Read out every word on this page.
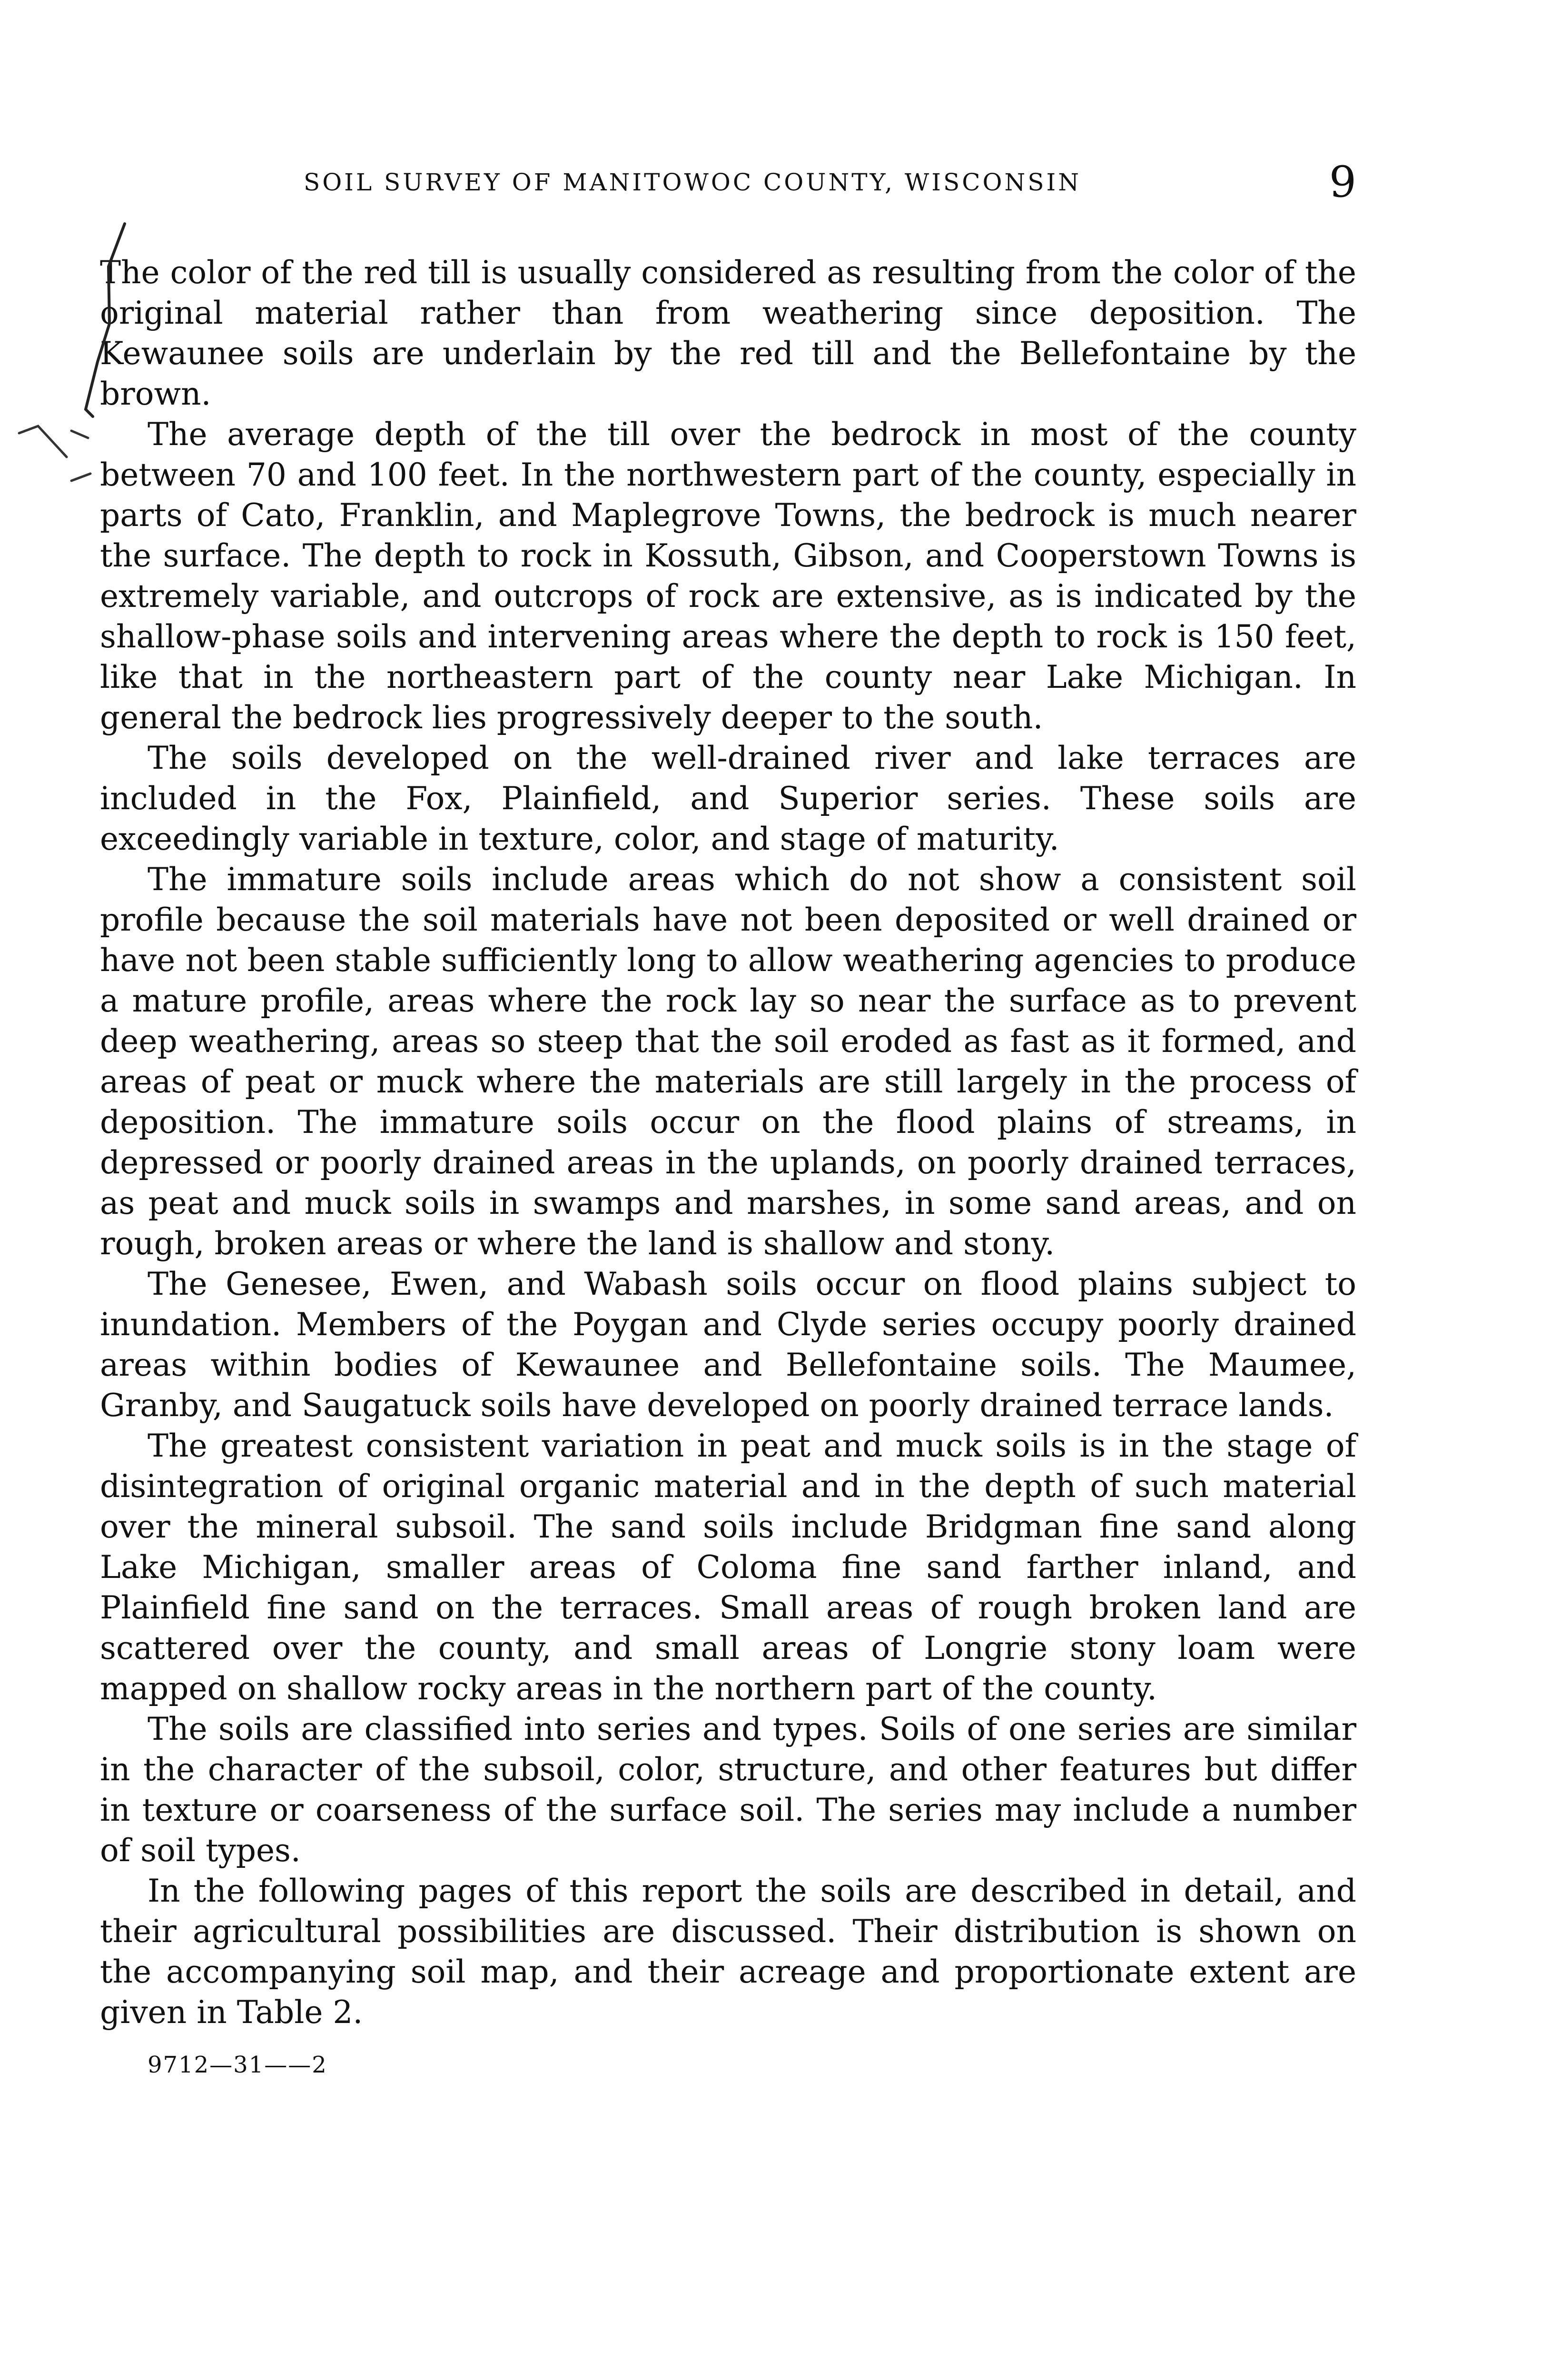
SOIL SURVEY OF MANITOWOC COUNTY, WISCONSIN	9

The color of the red till is usually considered as resulting from the color of the original material rather than from weathering since deposition. The Kewaunee soils are underlain by the red till and the Bellefontaine by the brown.

The average depth of the till over the bedrock in most of the county between 70 and 100 feet. In the northwestern part of the county, especially in parts of Cato, Franklin, and Maplegrove Towns, the bedrock is much nearer the surface. The depth to rock in Kossuth, Gibson, and Cooperstown Towns is extremely variable, and outcrops of rock are extensive, as is indicated by the shallow-phase soils and intervening areas where the depth to rock is 150 feet, like that in the northeastern part of the county near Lake Michigan. In general the bedrock lies progressively deeper to the south.

The soils developed on the well-drained river and lake terraces are included in the Fox, Plainfield, and Superior series. These soils are exceedingly variable in texture, color, and stage of maturity.

The immature soils include areas which do not show a consistent soil profile because the soil materials have not been deposited or well drained or have not been stable sufficiently long to allow weathering agencies to produce a mature profile, areas where the rock lay so near the surface as to prevent deep weathering, areas so steep that the soil eroded as fast as it formed, and areas of peat or muck where the materials are still largely in the process of deposition. The immature soils occur on the flood plains of streams, in depressed or poorly drained areas in the uplands, on poorly drained terraces, as peat and muck soils in swamps and marshes, in some sand areas, and on rough, broken areas or where the land is shallow and stony.

The Genesee, Ewen, and Wabash soils occur on flood plains subject to inundation. Members of the Poygan and Clyde series occupy poorly drained areas within bodies of Kewaunee and Bellefontaine soils. The Maumee, Granby, and Saugatuck soils have developed on poorly drained terrace lands.

The greatest consistent variation in peat and muck soils is in the stage of disintegration of original organic material and in the depth of such material over the mineral subsoil. The sand soils include Bridgman fine sand along Lake Michigan, smaller areas of Coloma fine sand farther inland, and Plainfield fine sand on the terraces. Small areas of rough broken land are scattered over the county, and small areas of Longrie stony loam were mapped on shallow rocky areas in the northern part of the county.

The soils are classified into series and types. Soils of one series are similar in the character of the subsoil, color, structure, and other features but differ in texture or coarseness of the surface soil. The series may include a number of soil types.

In the following pages of this report the soils are described in detail, and their agricultural possibilities are discussed. Their distribution is shown on the accompanying soil map, and their acreage and proportionate extent are given in Table 2.

9712—31——2
